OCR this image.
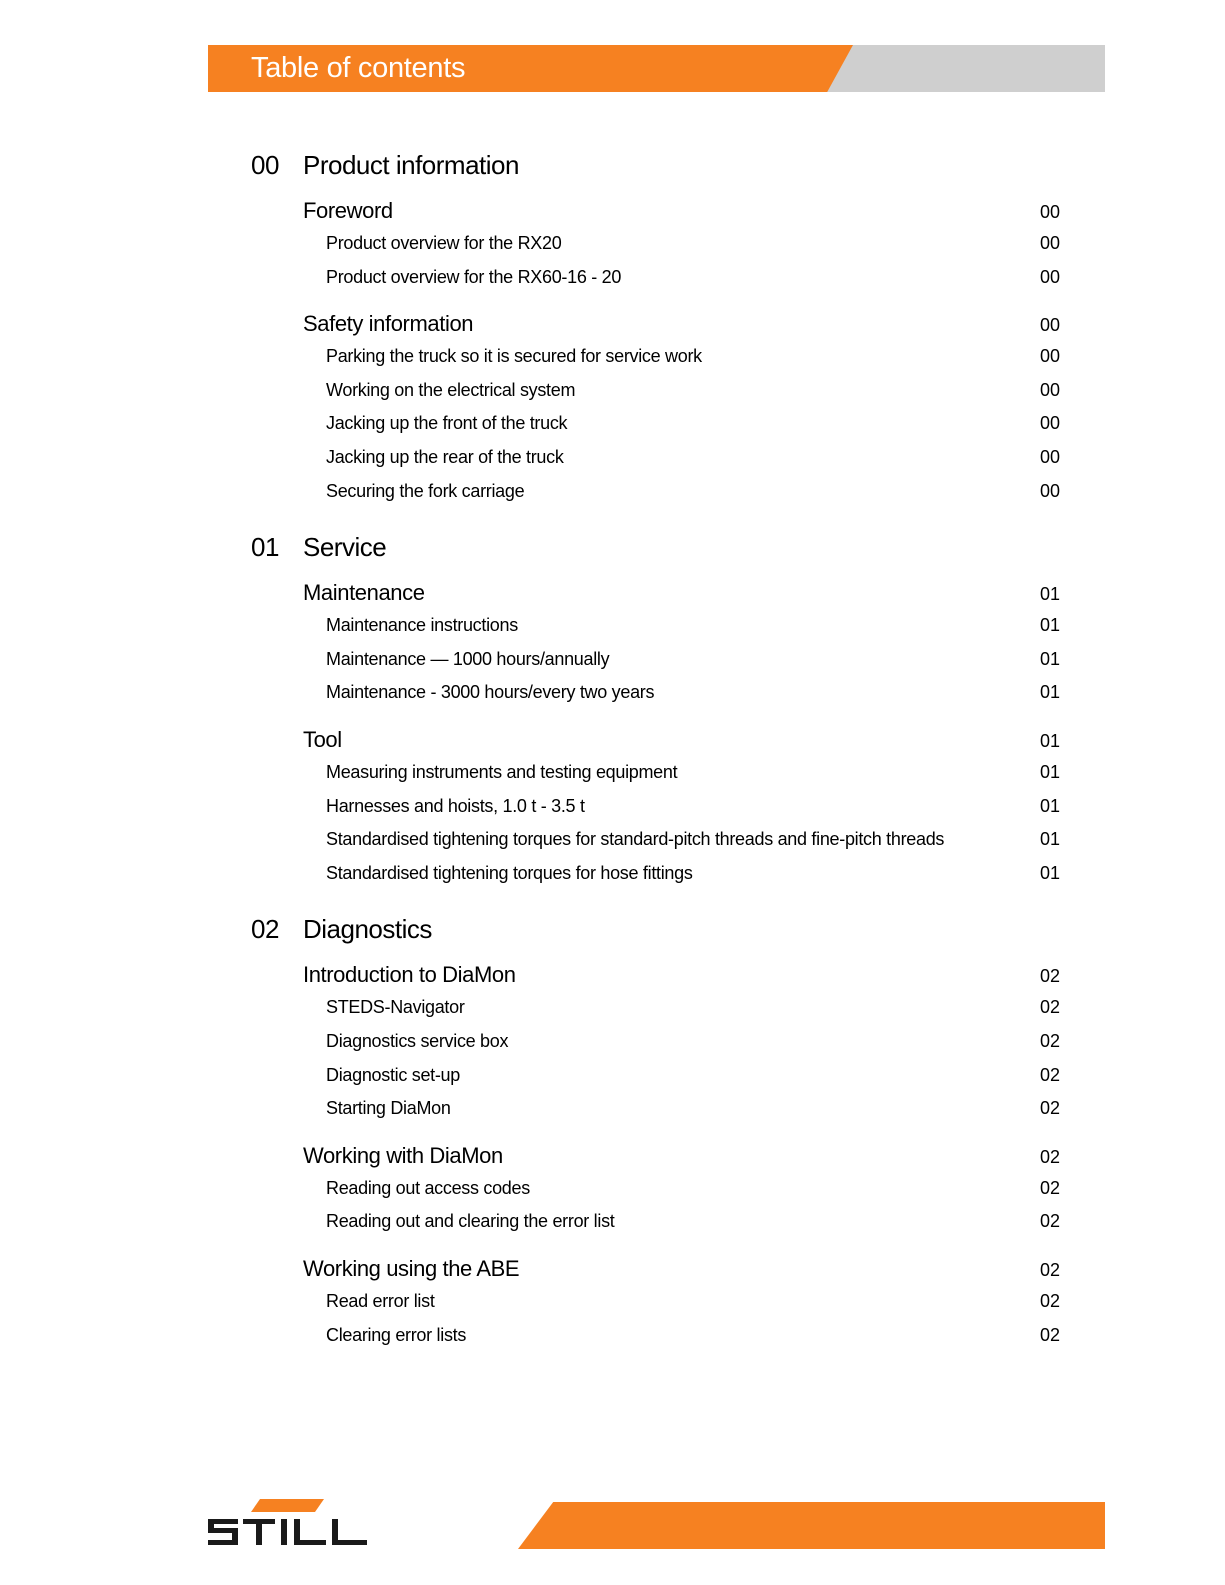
Table of contents
00 Product information
Foreword	00
Product overview for the RX20	00
Product overview for the RX60-16 - 20	00
Safety information	00
Parking the truck so it is secured for service work	00
Working on the electrical system	00
Jacking up the front of the truck	00
Jacking up the rear of the truck	00
Securing the fork carriage	00
01 Service
Maintenance	01
Maintenance instructions	01
Maintenance — 1000 hours/annually	01
Maintenance - 3000 hours/every two years	01
Tool	01
Measuring instruments and testing equipment	01
Harnesses and hoists, 1.0 t - 3.5 t	01
Standardised tightening torques for standard-pitch threads and fine-pitch threads	01
Standardised tightening torques for hose fittings	01
02 Diagnostics
Introduction to DiaMon	02
STEDS-Navigator	02
Diagnostics service box	02
Diagnostic set-up	02
Starting DiaMon	02
Working with DiaMon	02
Reading out access codes	02
Reading out and clearing the error list	02
Working using the ABE	02
Read error list	02
Clearing error lists	02
